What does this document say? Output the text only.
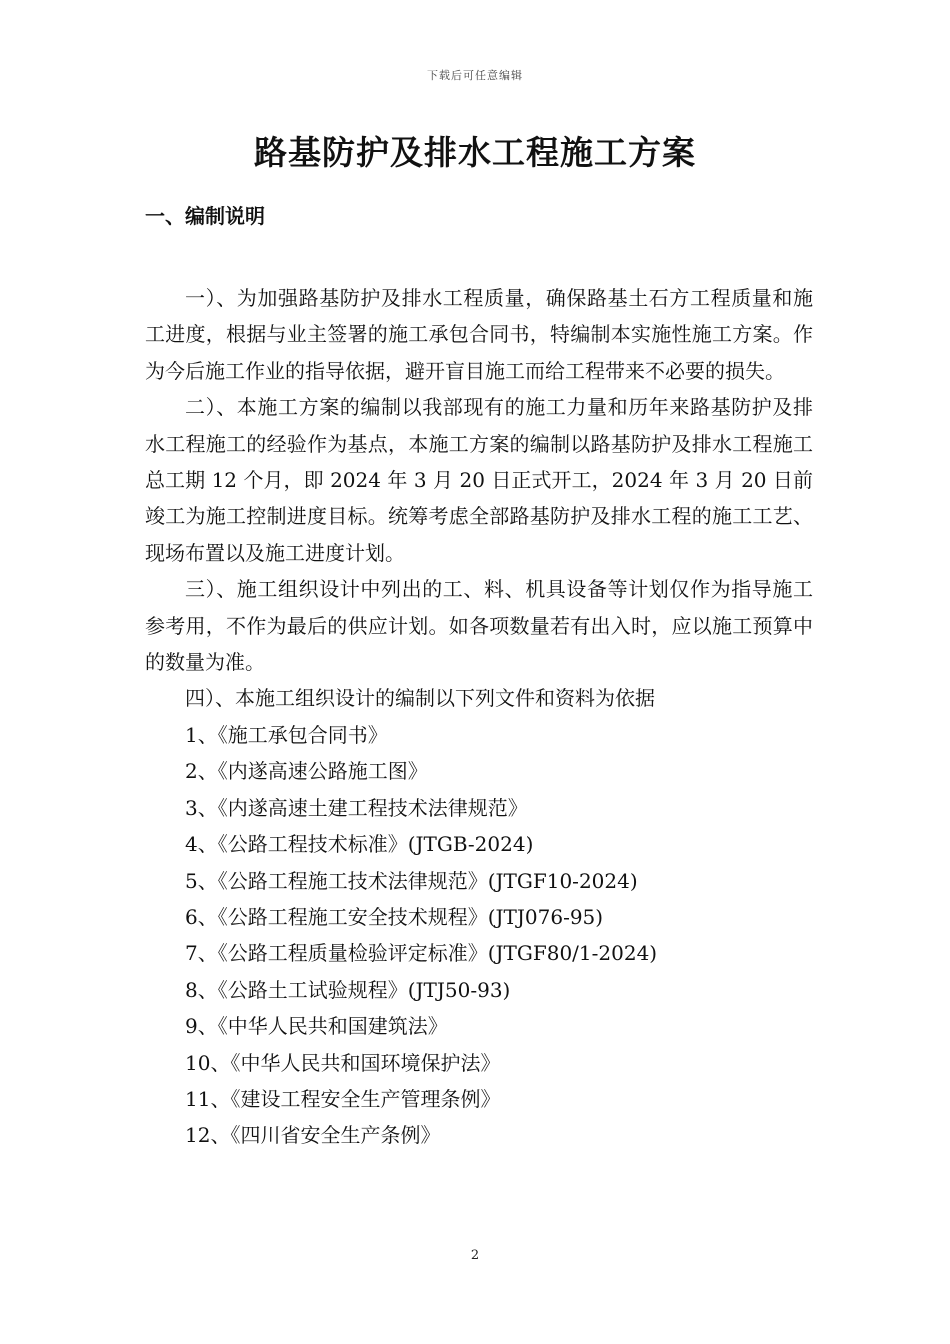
下载后可任意编辑
路基防护及排水工程施工方案
一、编制说明

一）、为加强路基防护及排水工程质量，确保路基土石方工程质量和施工进度，根据与业主签署的施工承包合同书，特编制本实施性施工方案。作为今后施工作业的指导依据，避开盲目施工而给工程带来不必要的损失。

二）、本施工方案的编制以我部现有的施工力量和历年来路基防护及排水工程施工的经验作为基点，本施工方案的编制以路基防护及排水工程施工总工期 12 个月，即 2024 年 3 月 20 日正式开工，2024 年 3 月 20 日前竣工为施工控制进度目标。统筹考虑全部路基防护及排水工程的施工工艺、现场布置以及施工进度计划。

三）、施工组织设计中列出的工、料、机具设备等计划仅作为指导施工参考用，不作为最后的供应计划。如各项数量若有出入时，应以施工预算中的数量为准。

四）、本施工组织设计的编制以下列文件和资料为依据

1、《施工承包合同书》
2、《内遂高速公路施工图》
3、《内遂高速土建工程技术法律规范》
4、《公路工程技术标准》(JTGB-2024)
5、《公路工程施工技术法律规范》(JTGF10-2024)
6、《公路工程施工安全技术规程》(JTJ076-95)
7、《公路工程质量检验评定标准》(JTGF80/1-2024)
8、《公路土工试验规程》(JTJ50-93)
9、《中华人民共和国建筑法》
10、《中华人民共和国环境保护法》
11、《建设工程安全生产管理条例》
12、《四川省安全生产条例》
2
